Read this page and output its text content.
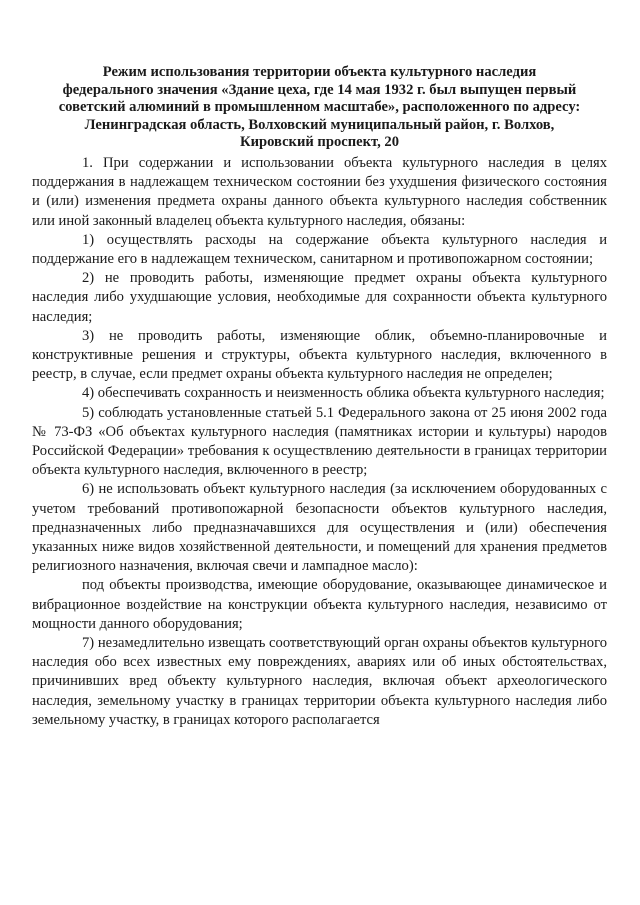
Режим использования территории объекта культурного наследия
федерального значения «Здание цеха, где 14 мая 1932 г. был выпущен первый
советский алюминий в промышленном масштабе», расположенного по адресу:
Ленинградская область, Волховский муниципальный район, г. Волхов,
Кировский проспект, 20

1. При содержании и использовании объекта культурного наследия в целях поддержания в надлежащем техническом состоянии без ухудшения физического состояния и (или) изменения предмета охраны данного объекта культурного наследия собственник или иной законный владелец объекта культурного наследия, обязаны:

1) осуществлять расходы на содержание объекта культурного наследия и поддержание его в надлежащем техническом, санитарном и противопожарном состоянии;

2) не проводить работы, изменяющие предмет охраны объекта культурного наследия либо ухудшающие условия, необходимые для сохранности объекта культурного наследия;

3) не проводить работы, изменяющие облик, объемно-планировочные и конструктивные решения и структуры, объекта культурного наследия, включенного в реестр, в случае, если предмет охраны объекта культурного наследия не определен;

4) обеспечивать сохранность и неизменность облика объекта культурного наследия;

5) соблюдать установленные статьей 5.1 Федерального закона от 25 июня 2002 года № 73-ФЗ «Об объектах культурного наследия (памятниках истории и культуры) народов Российской Федерации» требования к осуществлению деятельности в границах территории объекта культурного наследия, включенного в реестр;

6) не использовать объект культурного наследия (за исключением оборудованных с учетом требований противопожарной безопасности объектов культурного наследия, предназначенных либо предназначавшихся для осуществления и (или) обеспечения указанных ниже видов хозяйственной деятельности, и помещений для хранения предметов религиозного назначения, включая свечи и лампадное масло):

под объекты производства, имеющие оборудование, оказывающее динамическое и вибрационное воздействие на конструкции объекта культурного наследия, независимо от мощности данного оборудования;

7) незамедлительно извещать соответствующий орган охраны объектов культурного наследия обо всех известных ему повреждениях, авариях или об иных обстоятельствах, причинивших вред объекту культурного наследия, включая объект археологического наследия, земельному участку в границах территории объекта культурного наследия либо земельному участку, в границах которого располагается
